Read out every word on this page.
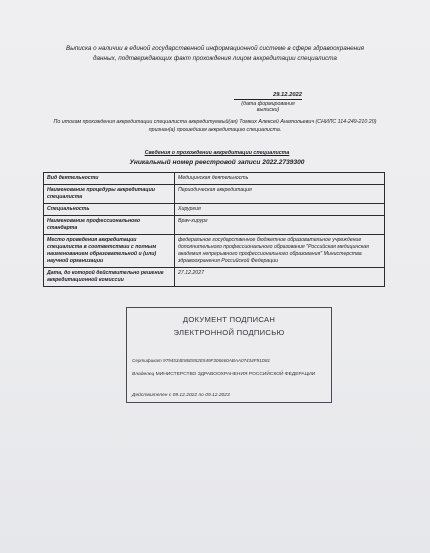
Выписка о наличии в единой государственной информационной системе в сфере здравоохранения данных, подтверждающих факт прохождения лицом аккредитации специалиста
29.12.2022
(дата формирования выписки)
По итогам прохождения аккредитации специалиста аккредитуемый(ая) Томких Алексей Анатольевич (СНИЛС 114-249-210 20) признан(а) прошедшим аккредитацию специалиста.
Сведения о прохождении аккредитации специалиста
Уникальный номер реестровой записи 2022.2739300
Вид деятельности	Медицинская деятельность
Наименование процедуры аккредитации специалиста	Периодическая аккредитация
Специальность	Хирургия
Наименование профессионального стандарта	Врач-хирург
Место проведения аккредитации специалиста в соответствии с полным наименованием образовательной и (или) научной организации	федеральное государственное бюджетное образовательное учреждение дополнительного профессионального образования "Российская медицинская академия непрерывного профессионального образования" Министерства здравоохранения Российской Федерации
Дата, до которой действительно решение аккредитационной комиссии	27.12.2027
ДОКУМЕНТ ПОДПИСАН
ЭЛЕКТРОННОЙ ПОДПИСЬЮ
Сертификат 9794534E86E852E549F306660ABAA07434F91D81
Владелец МИНИСТЕРСТВО ЗДРАВООХРАНЕНИЯ РОССИЙСКОЙ ФЕДЕРАЦИИ
Действителен с 09.12.2022 по 09.12.2023
